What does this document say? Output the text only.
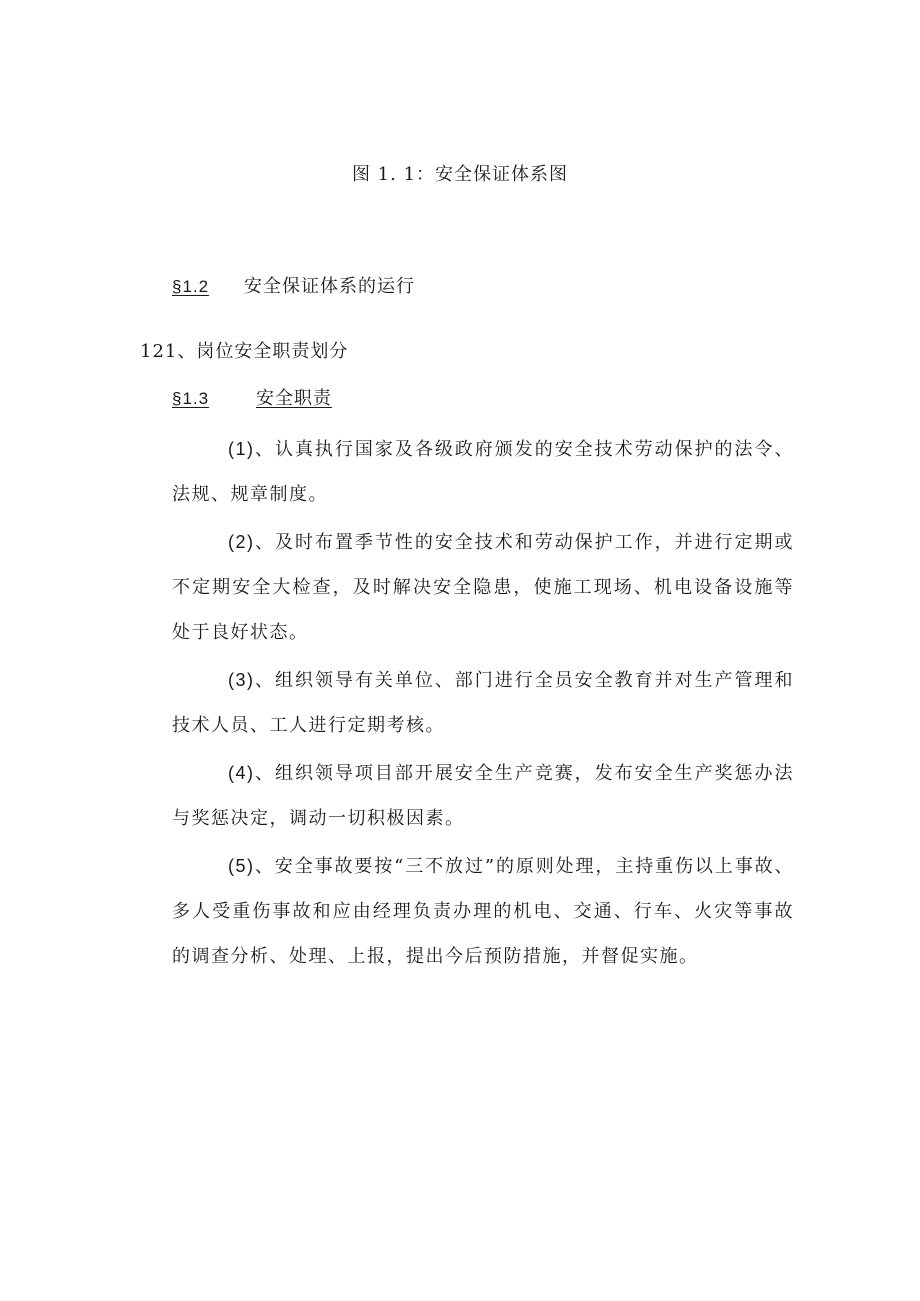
图 1. 1：安全保证体系图
§1.2 安全保证体系的运行
121、岗位安全职责划分
§1.3	安全职责
(1)、认真执行国家及各级政府颁发的安全技术劳动保护的法令、法规、规章制度。
(2)、及时布置季节性的安全技术和劳动保护工作，并进行定期或不定期安全大检查，及时解决安全隐患，使施工现场、机电设备设施等处于良好状态。
(3)、组织领导有关单位、部门进行全员安全教育并对生产管理和技术人员、工人进行定期考核。
(4)、组织领导项目部开展安全生产竞赛，发布安全生产奖惩办法与奖惩决定，调动一切积极因素。
(5)、安全事故要按“三不放过”的原则处理，主持重伤以上事故、多人受重伤事故和应由经理负责办理的机电、交通、行车、火灾等事故的调查分析、处理、上报，提出今后预防措施，并督促实施。
